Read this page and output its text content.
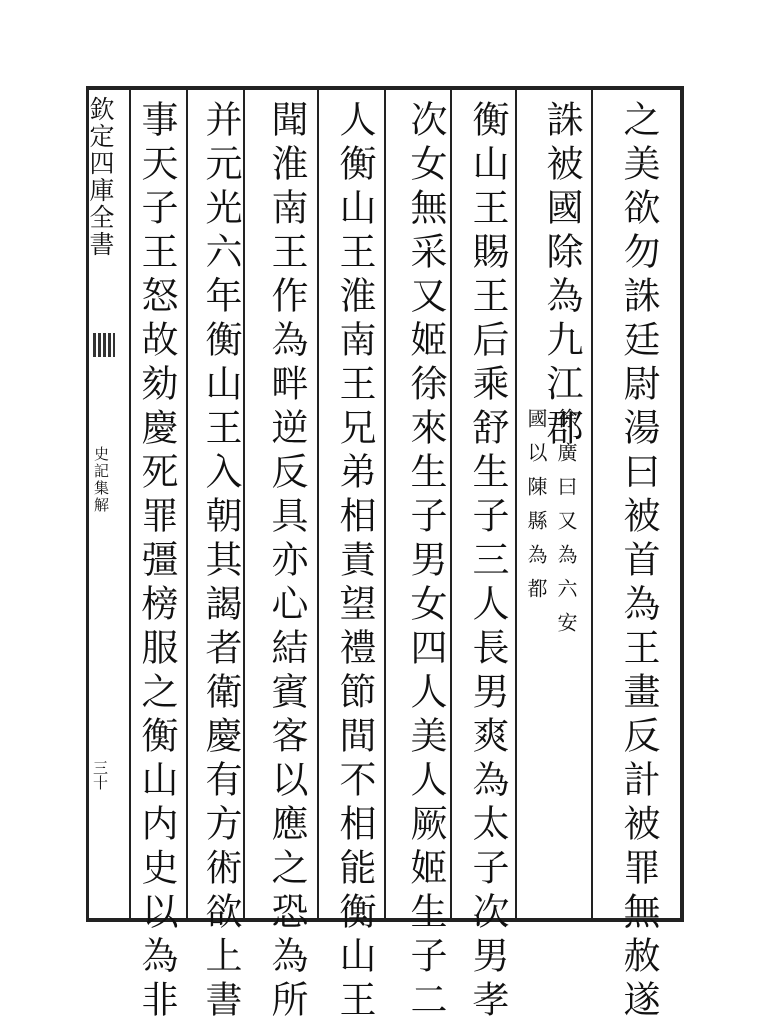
欽定四庫全書
史記集解
三十	之美欲勿誅廷尉湯曰被首為王畫反計被罪無赦遂
誅被國除為九江郡
徐廣曰又為六安
國以陳縣為都
衡山王賜王后乘舒生子三人長男爽為太子次男孝
次女無采又姬徐來生子男女四人美人厥姬生子二
人衡山王淮南王兄弟相責望禮節間不相能衡山王
聞淮南王作為畔逆反具亦心結賓客以應之恐為所
并元光六年衡山王入朝其謁者衛慶有方術欲上書
事天子王怒故劾慶死罪彊榜服之衡山内史以為非
